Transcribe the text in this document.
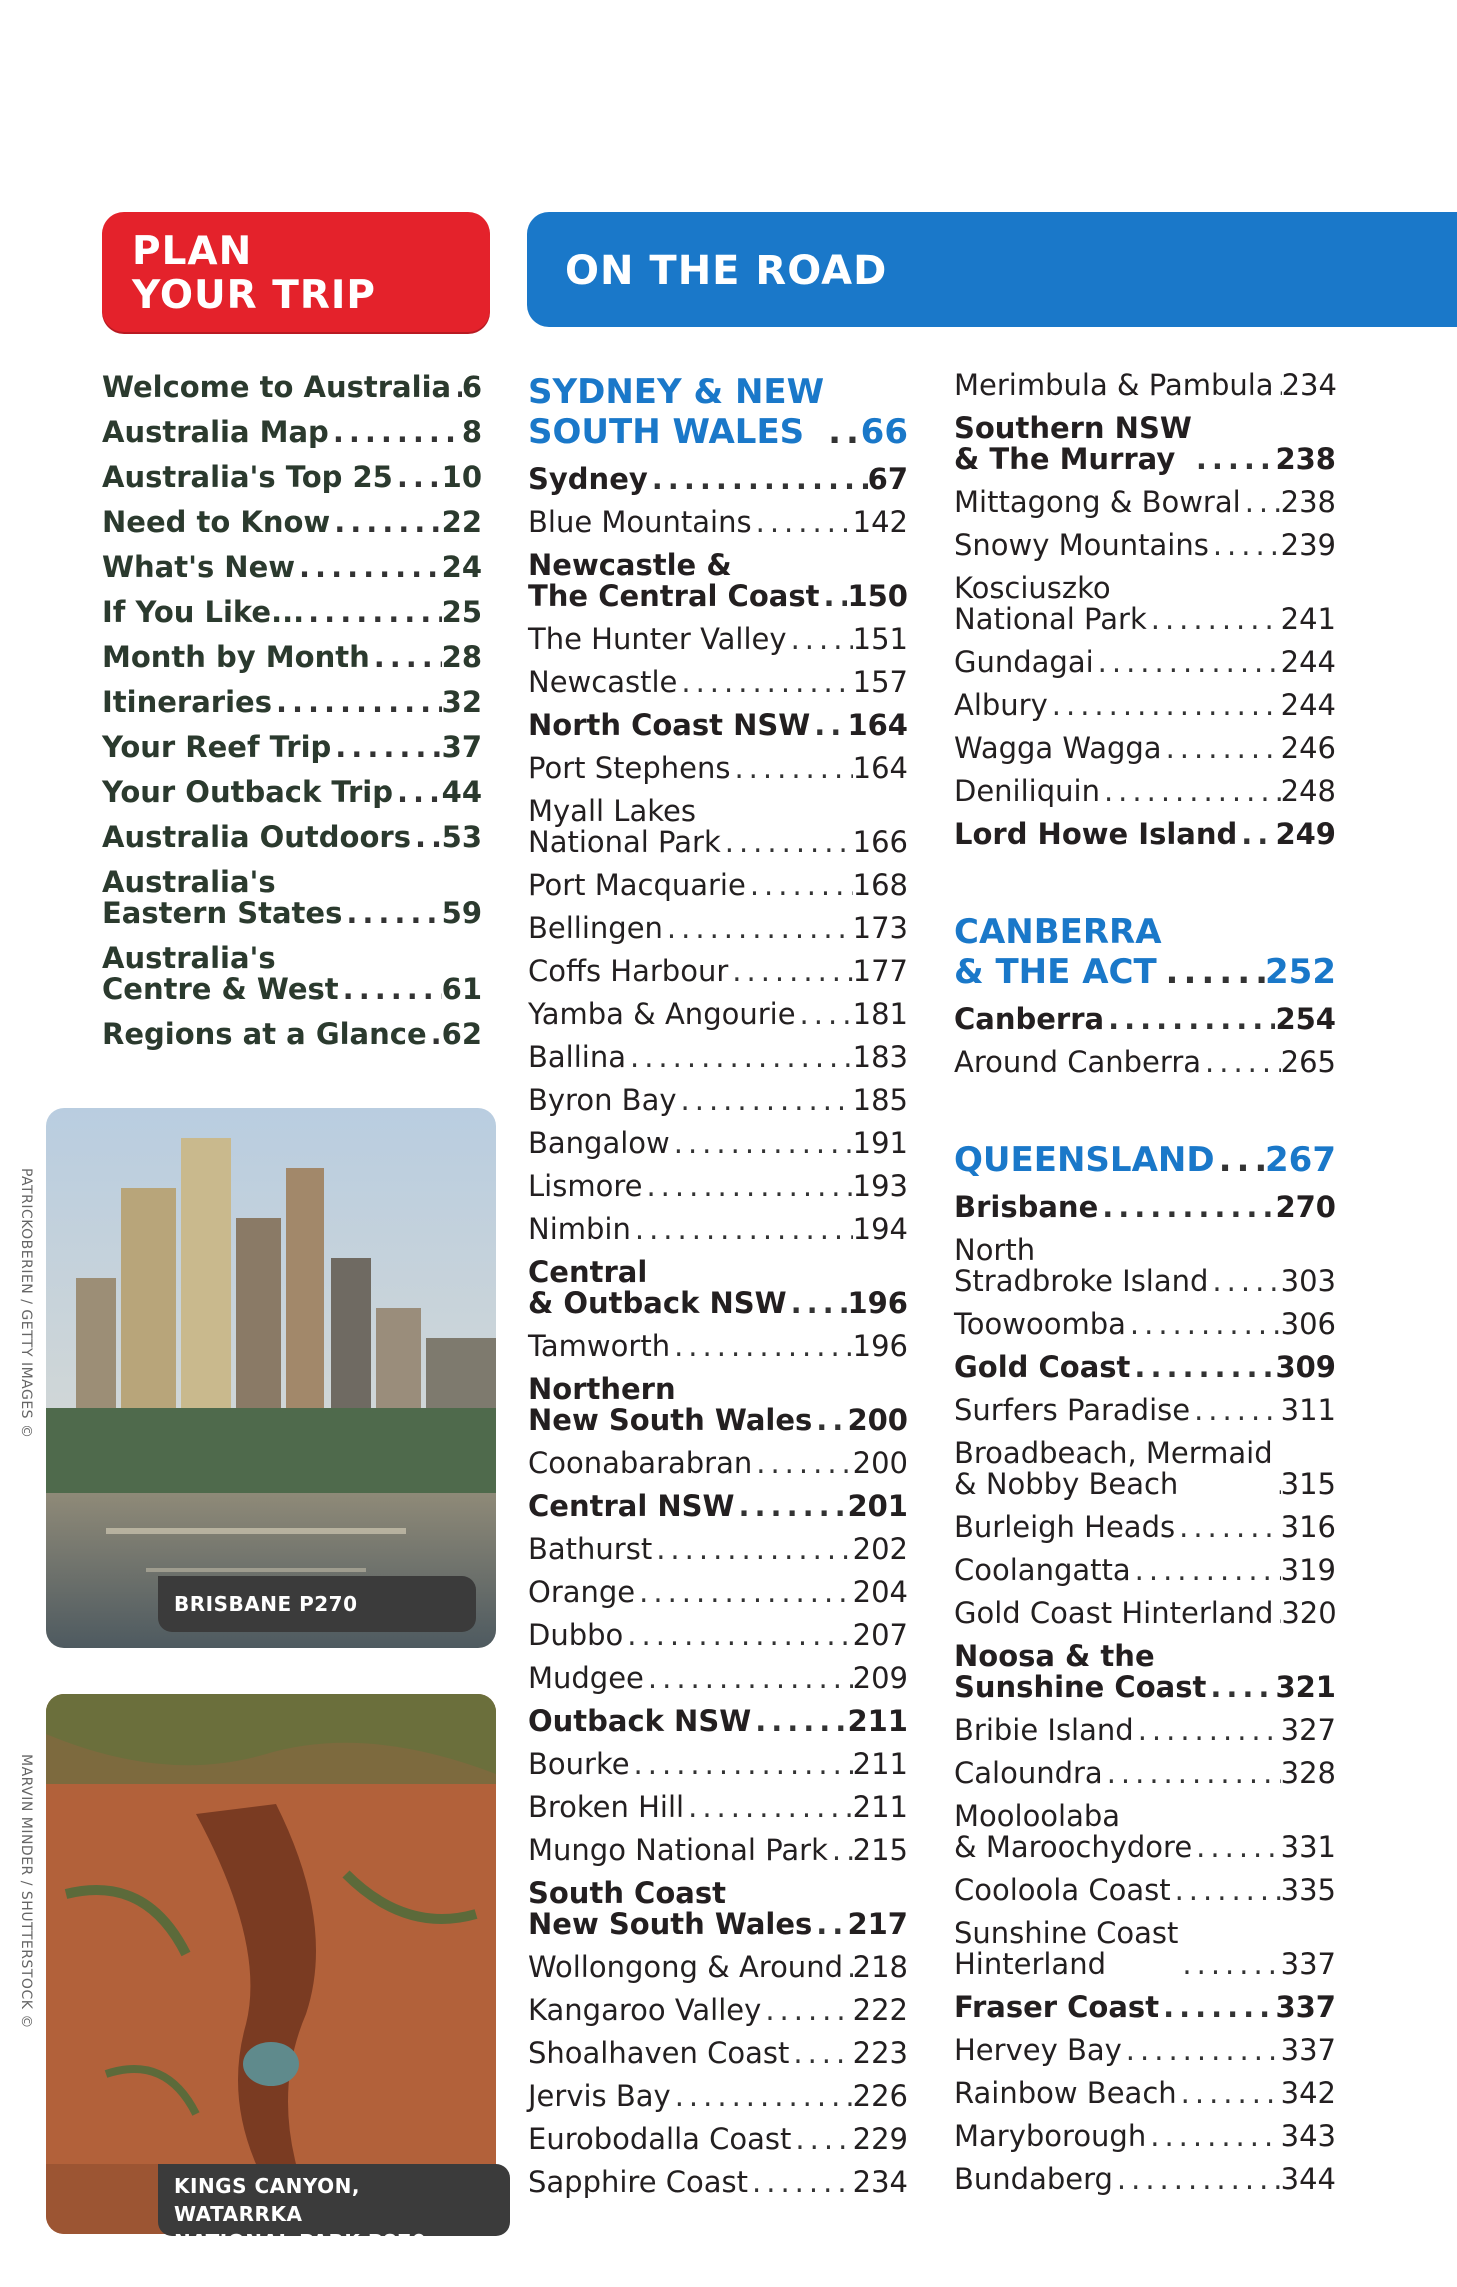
PLAN
YOUR TRIP
ON THE ROAD
Welcome to Australia ..... 6
Australia Map .....	8
Australia's Top 25 ..... 10
Need to Know .....	22
What's New .....	24
If You Like... .....	25
Month by Month ..... 28
Itineraries .....	32
Your Reef Trip .....	37
Your Outback Trip ..... 44
Australia Outdoors ..... 53
Australia's
Eastern States .....	59
Australia's
Centre & West .....	61
Regions at a Glance ..... 62
SYDNEY & NEW
SOUTH WALES .....	66
Sydney .....	67
Blue Mountains .....	142
Newcastle &
The Central Coast ..... 150
The Hunter Valley ..... 151
Newcastle .....	157
North Coast NSW ..... 164
Port Stephens .....	164
Myall Lakes
National Park .....	166
Port Macquarie .....	168
Bellingen .....	173
Coffs Harbour .....	177
Yamba & Angourie ..... 181
Ballina .....	183
Byron Bay .....	185
Bangalow .....	191
Lismore .....	193
Nimbin .....	194
Central
& Outback NSW ..... 196
Tamworth .....	196
Northern
New South Wales ..... 200
Coonabarabran .....	200
Central NSW .....	201
Bathurst .....	202
Orange .....	204
Dubbo .....	207
Mudgee .....	209
Outback NSW .....	211
Bourke .....	211
Broken Hill .....	211
Mungo National Park ..... 215
South Coast
New South Wales ..... 217
Wollongong & Around ..... 218
Kangaroo Valley .....	222
Shoalhaven Coast ..... 223
Jervis Bay .....	226
Eurobodalla Coast ..... 229
Sapphire Coast .....	234
Merimbula & Pambula ..... 234
Southern NSW
& The Murray .....	238
Mittagong & Bowral ..... 238
Snowy Mountains ..... 239
Kosciuszko
National Park .....	241
Gundagai .....	244
Albury .....	244
Wagga Wagga .....	246
Deniliquin .....	248
Lord Howe Island ..... 249
CANBERRA
& THE ACT .....	252
Canberra .....	254
Around Canberra .....	265
QUEENSLAND ..... 267
Brisbane .....	270
North
Stradbroke Island ..... 303
Toowoomba .....	306
Gold Coast .....	309
Surfers Paradise .....	311
Broadbeach, Mermaid
& Nobby Beach .....	315
Burleigh Heads .....	316
Coolangatta .....	319
Gold Coast Hinterland ..... 320
Noosa & the
Sunshine Coast ..... 321
Bribie Island .....	327
Caloundra .....	328
Mooloolaba
& Maroochydore .....	331
Cooloola Coast .....	335
Sunshine Coast
Hinterland .....	337
Fraser Coast .....	337
Hervey Bay .....	337
Rainbow Beach .....	342
Maryborough .....	343
Bundaberg .....	344
BRISBANE P270
PATRICKOBERIEN / GETTY IMAGES ©
KINGS CANYON, WATARRKA
NATIONAL PARK P870
MARVIN MINDER / SHUTTERSTOCK ©
